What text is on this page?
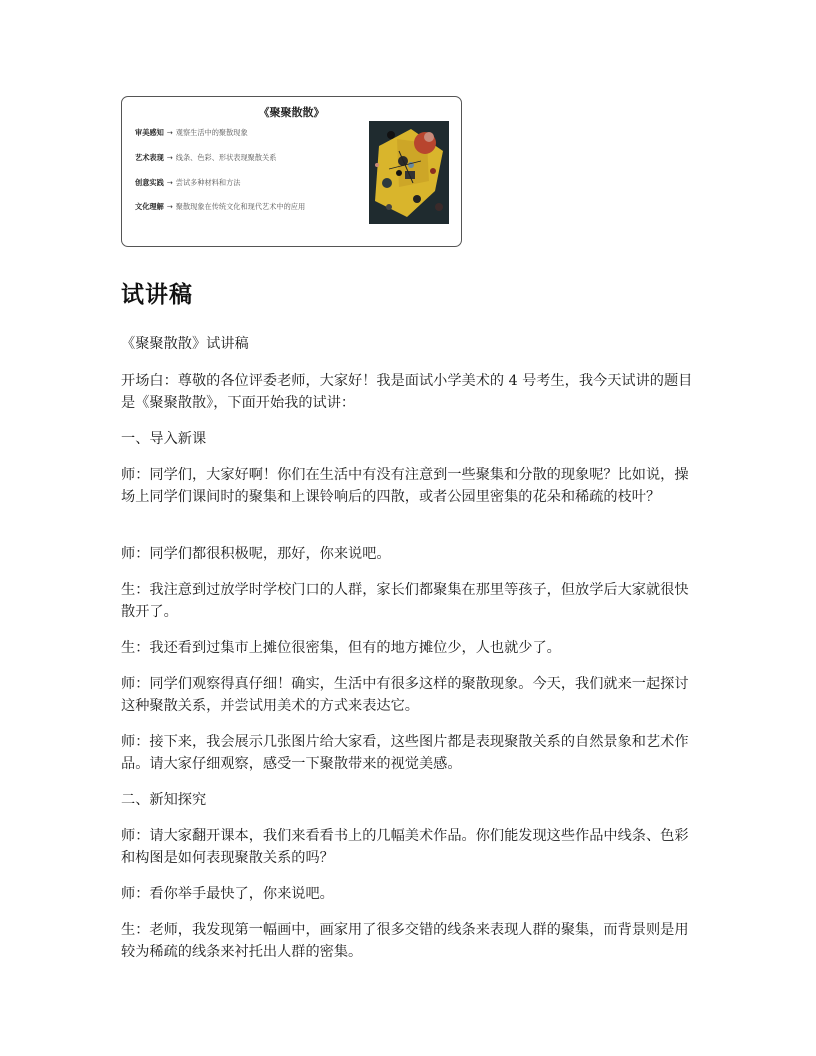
《聚聚散散》
审美感知 → 观察生活中的聚散现象
艺术表现 → 线条、色彩、形状表现聚散关系
创意实践 → 尝试多种材料和方法
文化理解 → 聚散现象在传统文化和现代艺术中的应用
试讲稿

《聚聚散散》试讲稿

开场白：尊敬的各位评委老师，大家好！我是面试小学美术的 4 号考生，我今天试讲的题目是《聚聚散散》，下面开始我的试讲：

一、导入新课

师：同学们，大家好啊！你们在生活中有没有注意到一些聚集和分散的现象呢？比如说，操场上同学们课间时的聚集和上课铃响后的四散，或者公园里密集的花朵和稀疏的枝叶？

师：同学们都很积极呢，那好，你来说吧。

生：我注意到过放学时学校门口的人群，家长们都聚集在那里等孩子，但放学后大家就很快散开了。

生：我还看到过集市上摊位很密集，但有的地方摊位少，人也就少了。

师：同学们观察得真仔细！确实，生活中有很多这样的聚散现象。今天，我们就来一起探讨这种聚散关系，并尝试用美术的方式来表达它。

师：接下来，我会展示几张图片给大家看，这些图片都是表现聚散关系的自然景象和艺术作品。请大家仔细观察，感受一下聚散带来的视觉美感。

二、新知探究

师：请大家翻开课本，我们来看看书上的几幅美术作品。你们能发现这些作品中线条、色彩和构图是如何表现聚散关系的吗？

师：看你举手最快了，你来说吧。

生：老师，我发现第一幅画中，画家用了很多交错的线条来表现人群的聚集，而背景则是用较为稀疏的线条来衬托出人群的密集。
